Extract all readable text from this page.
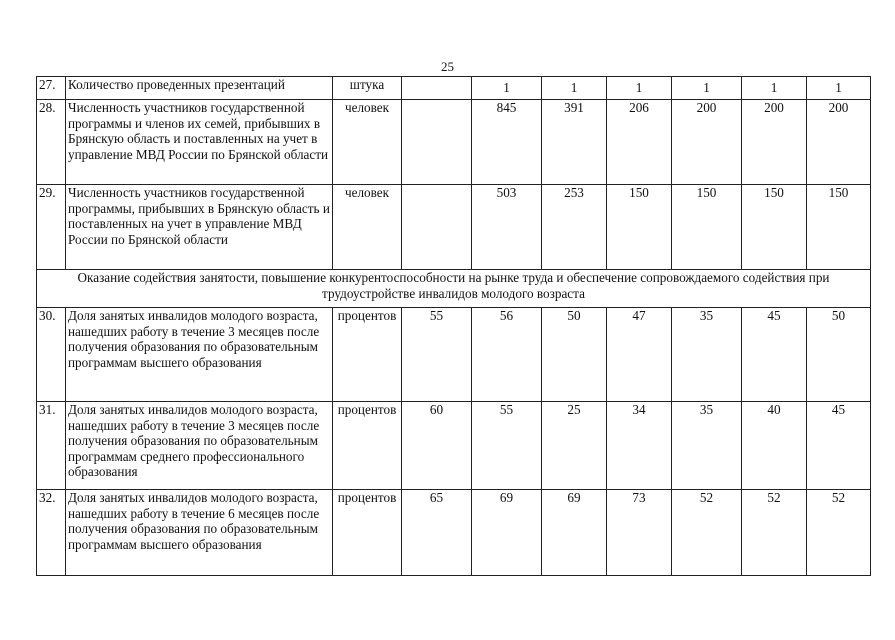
25
27.	Количество проведенных презентаций	штука		1	1	1	1	1	1
28.	Численность участников государственной программы и членов их семей, прибывших в Брянскую область и поставленных на учет в управление МВД России по Брянской области	человек		845	391	206	200	200	200
29.	Численность участников государственной программы, прибывших в Брянскую область и поставленных на учет в управление МВД России по Брянской области	человек		503	253	150	150	150	150
Оказание содействия занятости, повышение конкурентоспособности на рынке труда и обеспечение сопровождаемого содействия при трудоустройстве инвалидов молодого возраста									
30.	Доля занятых инвалидов молодого возраста, нашедших работу в течение 3 месяцев после получения образования по образовательным программам высшего образования	процентов	55	56	50	47	35	45	50
31.	Доля занятых инвалидов молодого возраста, нашедших работу в течение 3 месяцев после получения образования по образовательным программам среднего профессионального образования	процентов	60	55	25	34	35	40	45
32.	Доля занятых инвалидов молодого возраста, нашедших работу в течение 6 месяцев после получения образования по образовательным программам высшего образования	процентов	65	69	69	73	52	52	52
